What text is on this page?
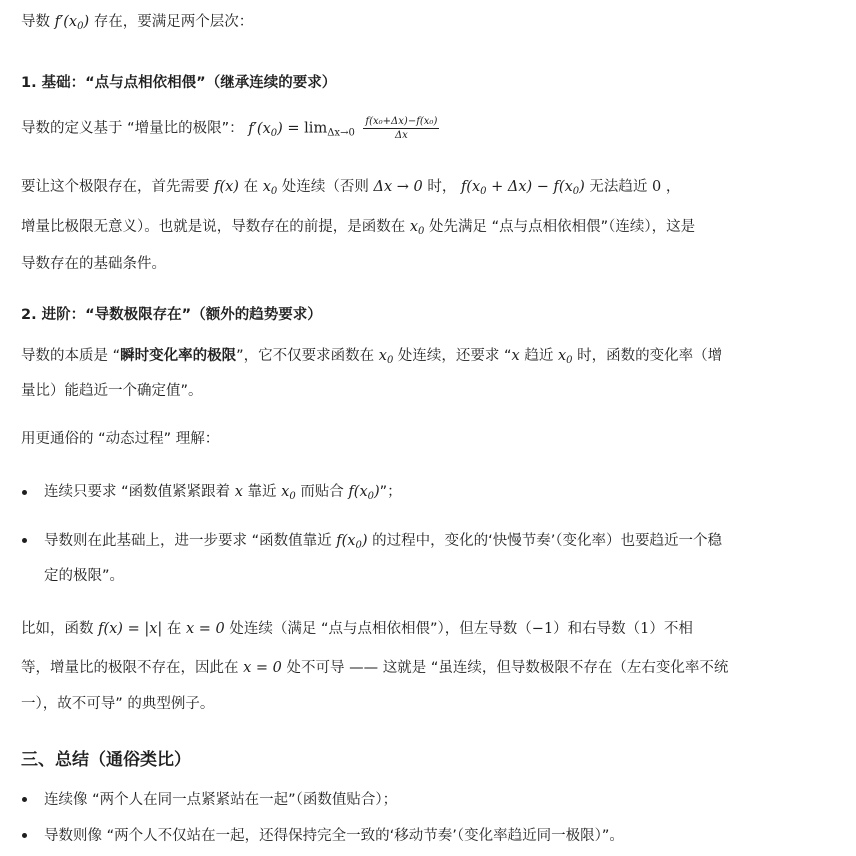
导数 $f'(x_0)$ 存在，要满足两个层次：
1. 基础：“点与点相依相偎”（继承连续的要求）
导数的定义基于 “增量比的极限”： $f'(x_0) = \lim_{\Delta x\to 0} \frac{\text{f(x₀+Δx)−f(x₀)}}{\Delta x}$
要让这个极限存在，首先需要 f(x) 在 $x_0$ 处连续（否则 Δx → 0 时， $f(x_0 + \Delta x) - f(x_0)$ 无法趋近 0 ，
增量比极限无意义）。也就是说，导数存在的前提，是函数在 $x_0$ 处先满足 “点与点相依相偎”（连续），这是
导数存在的基础条件。
2. 进阶：“导数极限存在”（额外的趋势要求）
导数的本质是 “瞬时变化率的极限”，它不仅要求函数在 $x_0$ 处连续，还要求 “x 趋近 $x_0$ 时，函数的变化率（增
量比）能趋近一个确定值”。
用更通俗的 “动态过程” 理解：
连续只要求 “函数值紧紧跟着 x 靠近 $x_0$ 而贴合 $f(x_0)$”；
导数则在此基础上，进一步要求 “函数值靠近 $f(x_0)$ 的过程中，变化的‘快慢节奏’（变化率）也要趋近一个稳
定的极限”。
比如，函数 f(x) = |x| 在 x = 0 处连续（满足 “点与点相依相偎”），但左导数（−1）和右导数（1）不相
等，增量比的极限不存在，因此在 x = 0 处不可导 —— 这就是 “虽连续，但导数极限不存在（左右变化率不统
一），故不可导” 的典型例子。
三、总结（通俗类比）
连续像 “两个人在同一点紧紧站在一起”（函数值贴合）；
导数则像 “两个人不仅站在一起，还得保持完全一致的‘移动节奏’（变化率趋近同一极限）”。
